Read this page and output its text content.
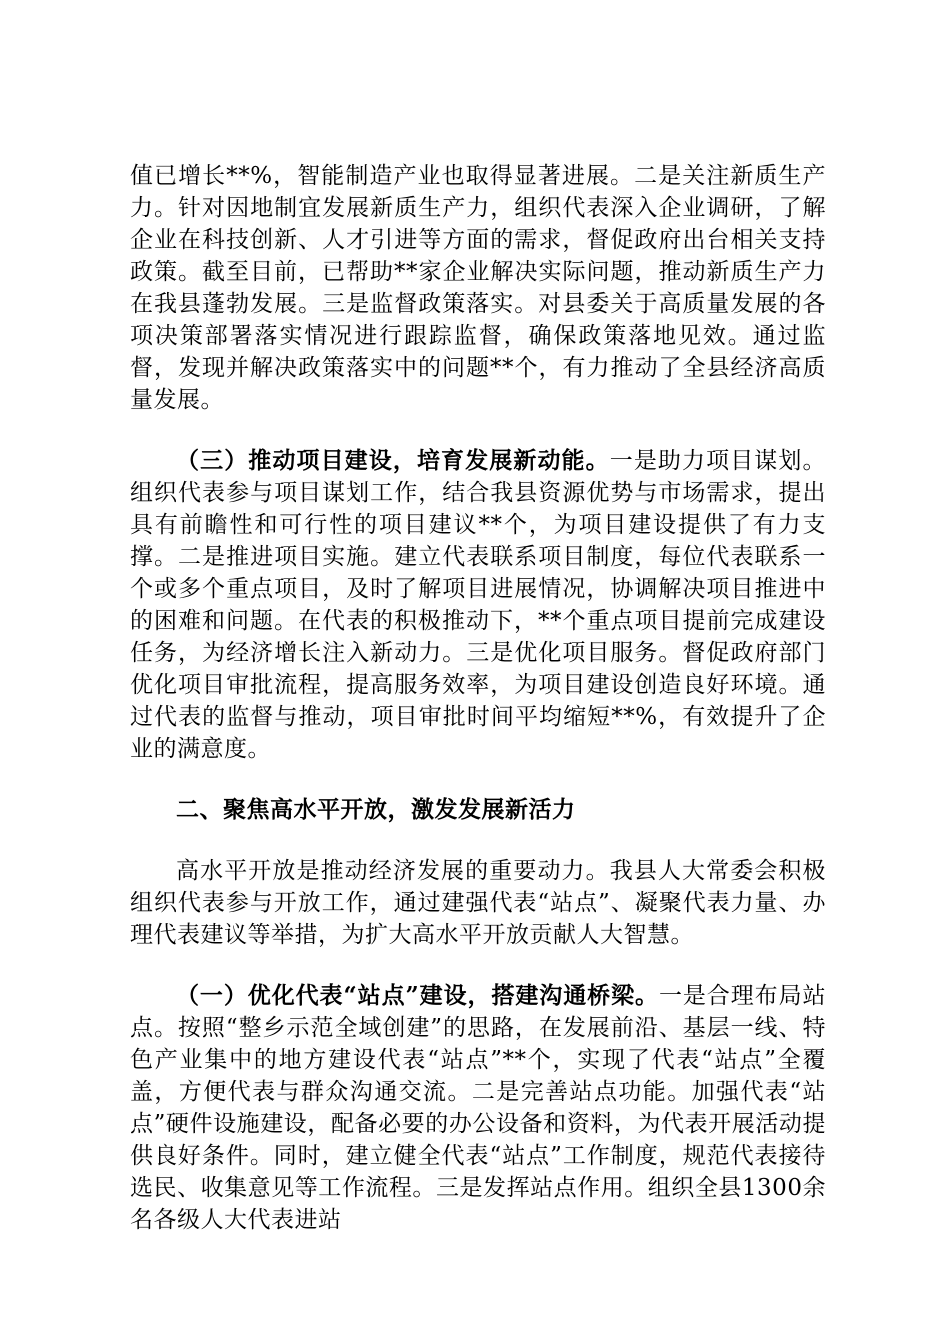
值已增长**%，智能制造产业也取得显著进展。二是关注新质生产力。针对因地制宜发展新质生产力，组织代表深入企业调研，了解企业在科技创新、人才引进等方面的需求，督促政府出台相关支持政策。截至目前，已帮助**家企业解决实际问题，推动新质生产力在我县蓬勃发展。三是监督政策落实。对县委关于高质量发展的各项决策部署落实情况进行跟踪监督，确保政策落地见效。通过监督，发现并解决政策落实中的问题**个，有力推动了全县经济高质量发展。

（三）推动项目建设，培育发展新动能。一是助力项目谋划。组织代表参与项目谋划工作，结合我县资源优势与市场需求，提出具有前瞻性和可行性的项目建议**个，为项目建设提供了有力支撑。二是推进项目实施。建立代表联系项目制度，每位代表联系一个或多个重点项目，及时了解项目进展情况，协调解决项目推进中的困难和问题。在代表的积极推动下，**个重点项目提前完成建设任务，为经济增长注入新动力。三是优化项目服务。督促政府部门优化项目审批流程，提高服务效率，为项目建设创造良好环境。通过代表的监督与推动，项目审批时间平均缩短**%，有效提升了企业的满意度。

二、聚焦高水平开放，激发发展新活力

高水平开放是推动经济发展的重要动力。我县人大常委会积极组织代表参与开放工作，通过建强代表“站点”、凝聚代表力量、办理代表建议等举措，为扩大高水平开放贡献人大智慧。

（一）优化代表“站点”建设，搭建沟通桥梁。一是合理布局站点。按照“整乡示范全域创建”的思路，在发展前沿、基层一线、特色产业集中的地方建设代表“站点”**个，实现了代表“站点”全覆盖，方便代表与群众沟通交流。二是完善站点功能。加强代表“站点”硬件设施建设，配备必要的办公设备和资料，为代表开展活动提供良好条件。同时，建立健全代表“站点”工作制度，规范代表接待选民、收集意见等工作流程。三是发挥站点作用。组织全县1300余名各级人大代表进站
